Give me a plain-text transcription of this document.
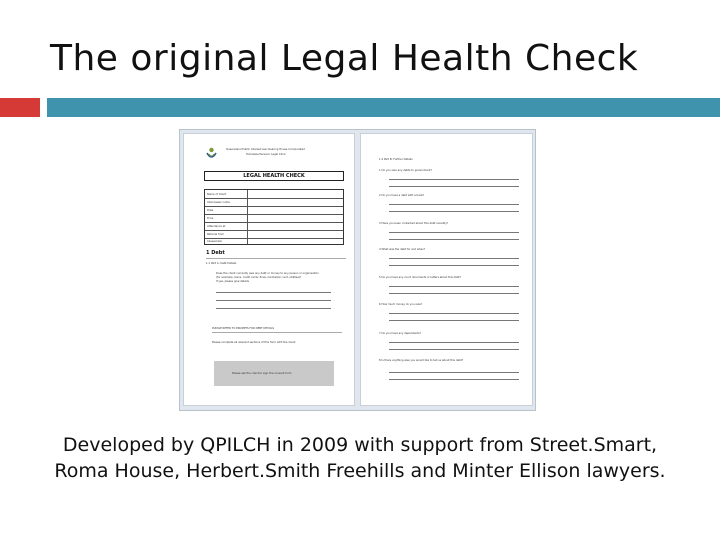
The original Legal Health Check
Queensland Public Interest Law Clearing House Incorporated
Homeless Persons' Legal Clinic
LEGAL HEALTH CHECK
Name of Client
Interviewer name
Date
Time
Attendance at
Referral from
Caseworker
1 Debt
1.1 Part A: Debt Details
Does the client currently owe any debt or money to any person or organisation
(for example, loans, credit cards, fines, Centrelink, rent, utilities)?
If yes, please give details
PLEASE REFER TO PROMPTS FOR DEBT DETAILS
Please complete all relevant sections of this form with the client
Please ask the client to sign the consent form
1.2 Part B: Further Details
1 Do you owe any debts to government?
2 Do you have a debt with a bank?
3 Have you been contacted about this debt recently?
4 What was the debt for and when?
5 Do you have any court documents or letters about this debt?
6 How much money do you owe?
7 Do you have any dependants?
8 Is there anything else you would like to tell us about this debt?
Developed by QPILCH in 2009 with support from Street.Smart,
Roma House, Herbert.Smith Freehills and Minter Ellison lawyers.
